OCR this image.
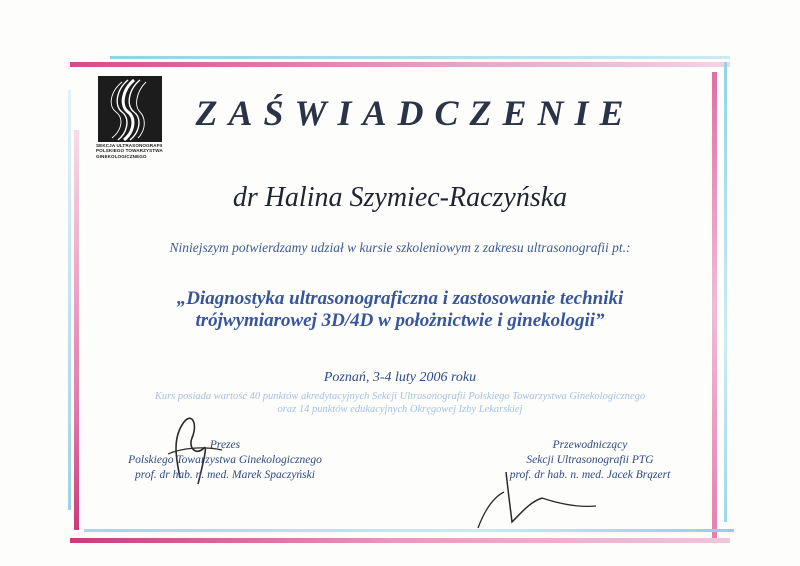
SEKCJA ULTRASONOGRAFII
POLSKIEGO TOWARZYSTWA
GINEKOLOGICZNEGO
ZAŚWIADCZENIE
dr Halina Szymiec-Raczyńska
Niniejszym potwierdzamy udział w kursie szkoleniowym z zakresu ultrasonografii pt.:
„Diagnostyka ultrasonograficzna i zastosowanie techniki
trójwymiarowej 3D/4D w położnictwie i ginekologii”
Poznań, 3-4 luty 2006 roku
Kurs posiada wartość 40 punktów akredytacyjnych Sekcji Ultrasonografii Polskiego Towarzystwa Ginekologicznego
oraz 14 punktów edukacyjnych Okręgowej Izby Lekarskiej
Prezes
Polskiego Towarzystwa Ginekologicznego
prof. dr hab. n. med. Marek Spaczyński
Przewodniczący
Sekcji Ultrasonografii PTG
prof. dr hab. n. med. Jacek Brązert
